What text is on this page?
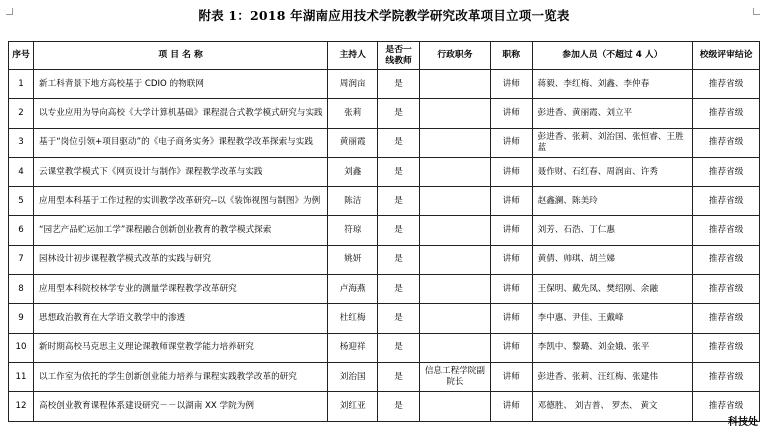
附表 1：2018 年湖南应用技术学院教学研究改革项目立项一览表
序号	项 目 名 称	主持人	是否一线教师	行政职务	职称	参加人员（不超过 4 人）	校级评审结论
1	新工科背景下地方高校基于 CDIO 的物联网	周润亩	是		讲师	蒋毅、李红梅、刘鑫、李仲春	推荐省级
2	以专业应用为导向高校《大学计算机基础》课程混合式教学模式研究与实践	张莉	是		讲师	彭进香、黄丽霞、刘立平	推荐省级
3	基于“岗位引领+项目驱动”的《电子商务实务》课程教学改革探索与实践	黄丽霞	是		讲师	彭进香、张莉、刘治国、张恒睿、王胜蓝	推荐省级
4	云课堂教学模式下《网页设计与制作》课程教学改革与实践	刘鑫	是		讲师	聂作财、石红春、周润亩、许秀	推荐省级
5	应用型本科基于工作过程的实训教学改革研究--以《装饰视图与制图》为例	陈洁	是		讲师	赵鑫澜、陈美玲	推荐省级
6	“园艺产品贮运加工学”课程融合创新创业教育的教学模式探索	符琼	是		讲师	刘芳、石浩、丁仁惠	推荐省级
7	园林设计初步课程教学模式改革的实践与研究	姚妍	是		讲师	黄倩、帅琪、胡兰娣	推荐省级
8	应用型本科院校林学专业的测量学课程教学改革研究	卢海燕	是		讲师	王保明、戴先凤、樊绍刚、余融	推荐省级
9	思想政治教育在大学语文教学中的渗透	杜红梅	是		讲师	李中惠、尹佳、王戴峰	推荐省级
10	新时期高校马克思主义理论课教师课堂教学能力培养研究	杨迎祥	是		讲师	李凯中、黎璐、刘金娥、张平	推荐省级
11	以工作室为依托的学生创新创业能力培养与课程实践教学改革的研究	刘治国	是	信息工程学院副院长	讲师	彭进香、张莉、汪红梅、张建伟	推荐省级
12	高校创业教育课程体系建设研究－－以湖南 XX 学院为例	刘红亚	是		讲师	邓德胜、 刘吉普、 罗杰、 黄文	推荐省级
科技处
